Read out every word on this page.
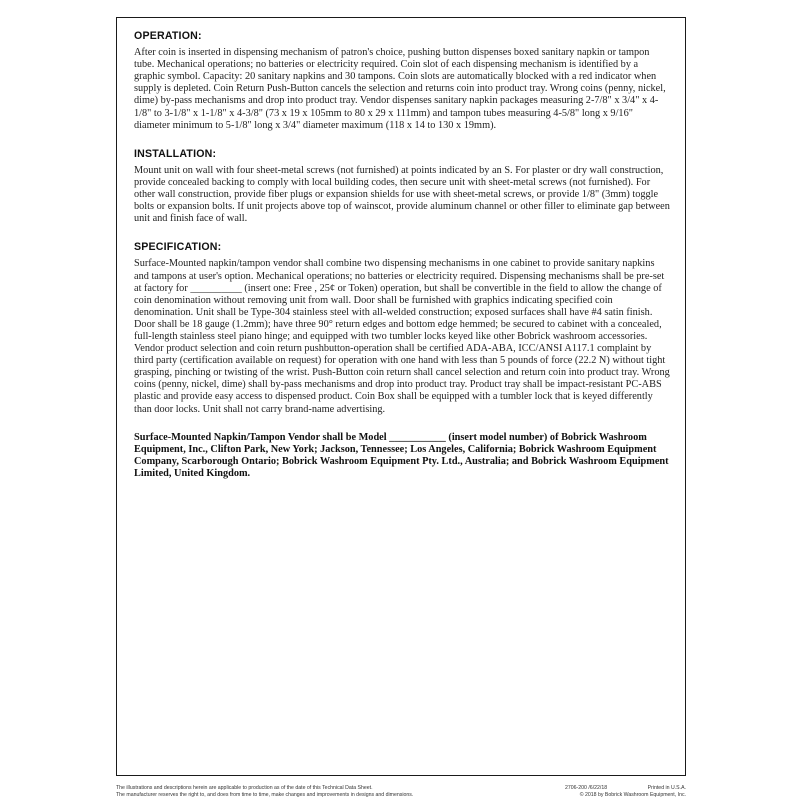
OPERATION:

After coin is inserted in dispensing mechanism of patron's choice, pushing button dispenses boxed sanitary napkin or tampon tube. Mechanical operations; no batteries or electricity required. Coin slot of each dispensing mechanism is identified by a graphic symbol. Capacity: 20 sanitary napkins and 30 tampons. Coin slots are automatically blocked with a red indicator when supply is depleted. Coin Return Push-Button cancels the selection and returns coin into product tray. Wrong coins (penny, nickel, dime) by-pass mechanisms and drop into product tray. Vendor dispenses sanitary napkin packages measuring 2-7/8" x 3/4" x 4-1/8" to 3-1/8" x 1-1/8" x 4-3/8" (73 x 19 x 105mm to 80 x 29 x 111mm) and tampon tubes measuring 4-5/8" long x 9/16" diameter minimum to 5-1/8" long x 3/4" diameter maximum (118 x 14 to 130 x 19mm).

INSTALLATION:

Mount unit on wall with four sheet-metal screws (not furnished) at points indicated by an S. For plaster or dry wall construction, provide concealed backing to comply with local building codes, then secure unit with sheet-metal screws (not furnished). For other wall construction, provide fiber plugs or expansion shields for use with sheet-metal screws, or provide 1/8" (3mm) toggle bolts or expansion bolts. If unit projects above top of wainscot, provide aluminum channel or other filler to eliminate gap between unit and finish face of wall.

SPECIFICATION:

Surface-Mounted napkin/tampon vendor shall combine two dispensing mechanisms in one cabinet to provide sanitary napkins and tampons at user's option. Mechanical operations; no batteries or electricity required. Dispensing mechanisms shall be pre-set at factory for __________ (insert one: Free , 25¢ or Token) operation, but shall be convertible in the field to allow the change of coin denomination without removing unit from wall. Door shall be furnished with graphics indicating specified coin denomination. Unit shall be Type-304 stainless steel with all-welded construction; exposed surfaces shall have #4 satin finish. Door shall be 18 gauge (1.2mm); have three 90° return edges and bottom edge hemmed; be secured to cabinet with a concealed, full-length stainless steel piano hinge; and equipped with two tumbler locks keyed like other Bobrick washroom accessories. Vendor product selection and coin return pushbutton-operation shall be certified ADA-ABA, ICC/ANSI A117.1 complaint by third party (certification available on request) for operation with one hand with less than 5 pounds of force (22.2 N) without tight grasping, pinching or twisting of the wrist. Push-Button coin return shall cancel selection and return coin into product tray. Wrong coins (penny, nickel, dime) shall by-pass mechanisms and drop into product tray. Product tray shall be impact-resistant PC-ABS plastic and provide easy access to dispensed product. Coin Box shall be equipped with a tumbler lock that is keyed differently than door locks. Unit shall not carry brand-name advertising.

Surface-Mounted Napkin/Tampon Vendor shall be Model ___________ (insert model number) of Bobrick Washroom Equipment, Inc., Clifton Park, New York; Jackson, Tennessee; Los Angeles, California; Bobrick Washroom Equipment Company, Scarborough Ontario; Bobrick Washroom Equipment Pty. Ltd., Australia; and Bobrick Washroom Equipment Limited, United Kingdom.

The illustrations and descriptions herein are applicable to production as of the date of this Technical Data Sheet.
The manufacturer reserves the right to, and does from time to time, make changes and improvements in designs and dimensions.
2706-200 /6/22/18	Printed in U.S.A.
© 2018 by Bobrick Washroom Equipment, Inc.
